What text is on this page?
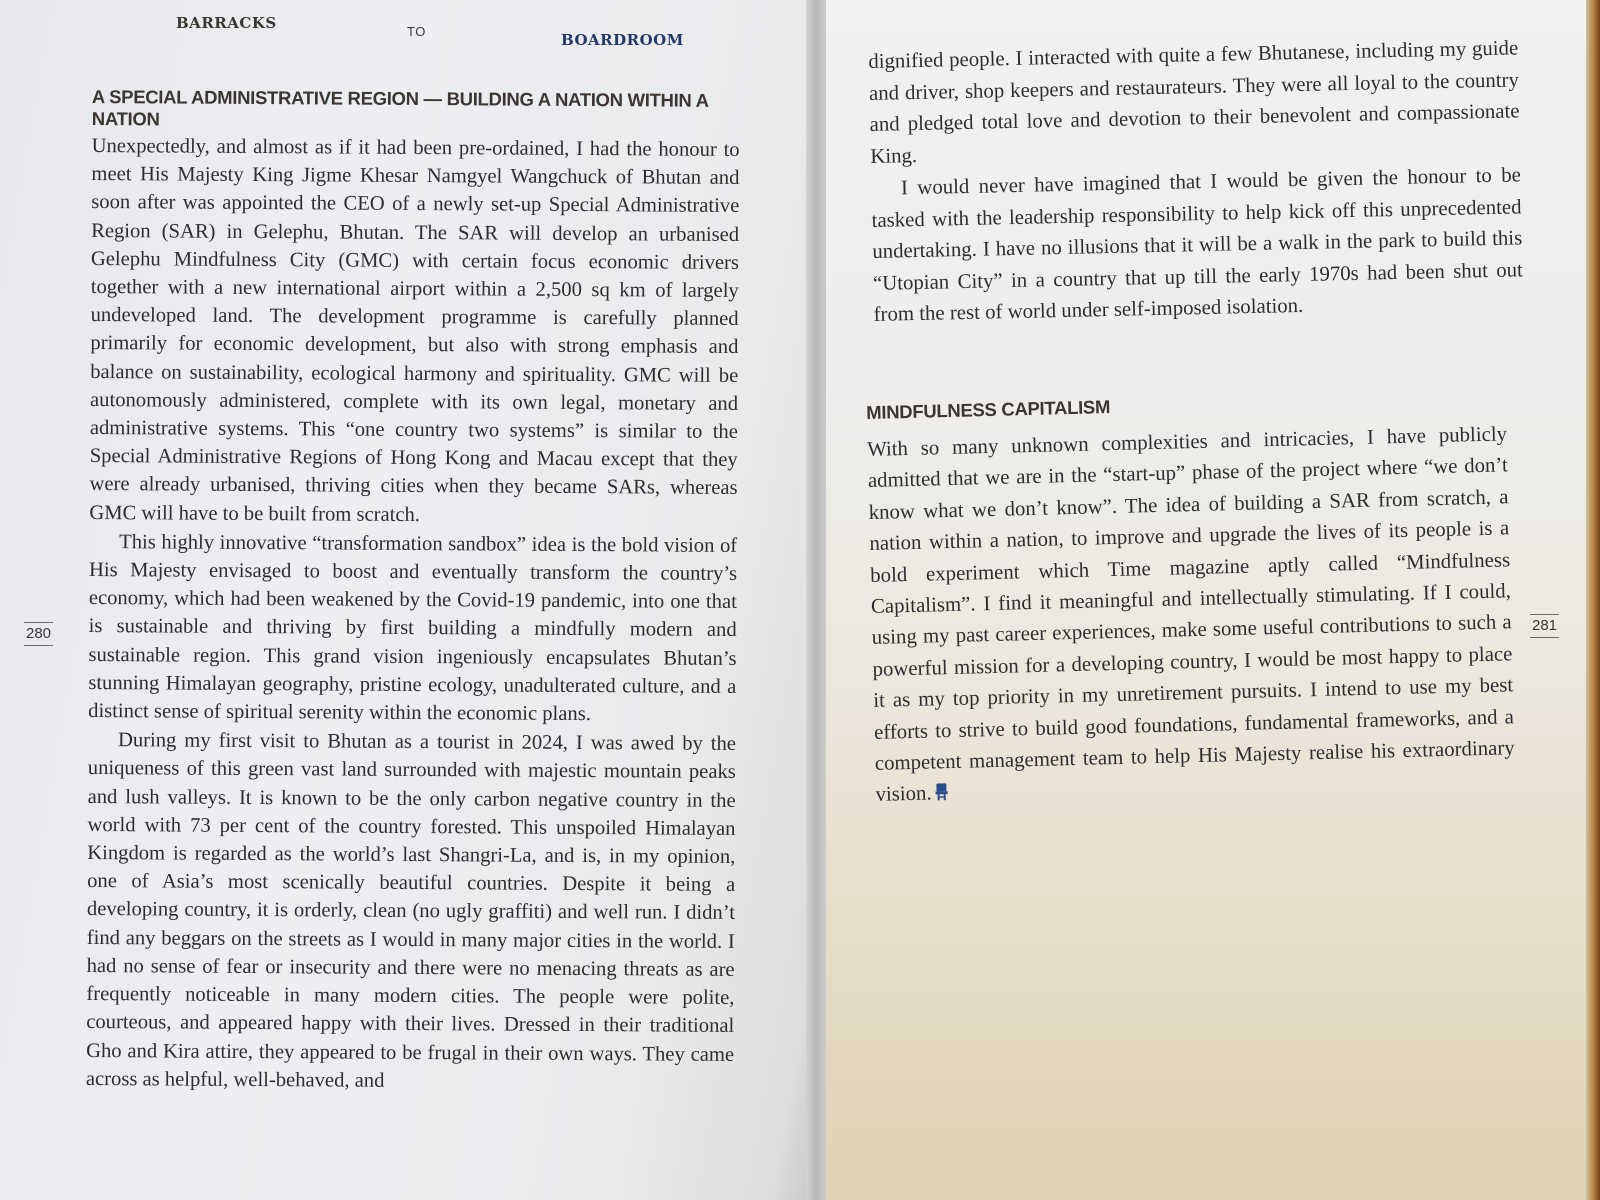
BARRACKS	TO	BOARDROOM
A SPECIAL ADMINISTRATIVE REGION — BUILDING A NATION WITHIN A NATION

Unexpectedly, and almost as if it had been pre-ordained, I had the honour to meet His Majesty King Jigme Khesar Namgyel Wangchuck of Bhutan and soon after was appointed the CEO of a newly set-up Special Administrative Region (SAR) in Gelephu, Bhutan. The SAR will develop an urbanised Gelephu Mindfulness City (GMC) with certain focus economic drivers together with a new international airport within a 2,500 sq km of largely undeveloped land. The development programme is carefully planned primarily for economic development, but also with strong emphasis and balance on sustainability, ecological harmony and spirituality. GMC will be autonomously administered, complete with its own legal, monetary and administrative systems. This “one country two systems” is similar to the Special Administrative Regions of Hong Kong and Macau except that they were already urbanised, thriving cities when they became SARs, whereas GMC will have to be built from scratch.

This highly innovative “transformation sandbox” idea is the bold vision of His Majesty envisaged to boost and eventually transform the country’s economy, which had been weakened by the Covid-19 pandemic, into one that is sustainable and thriving by first building a mindfully modern and sustainable region. This grand vision ingeniously encapsulates Bhutan’s stunning Himalayan geography, pristine ecology, unadulterated culture, and a distinct sense of spiritual serenity within the economic plans.

During my first visit to Bhutan as a tourist in 2024, I was awed by the uniqueness of this green vast land surrounded with majestic mountain peaks and lush valleys. It is known to be the only carbon negative country in the world with 73 per cent of the country forested. This unspoiled Himalayan Kingdom is regarded as the world’s last Shangri-La, and is, in my opinion, one of Asia’s most scenically beautiful countries. Despite it being a developing country, it is orderly, clean (no ugly graffiti) and well run. I didn’t find any beggars on the streets as I would in many major cities in the world. I had no sense of fear or insecurity and there were no menacing threats as are frequently noticeable in many modern cities. The people were polite, courteous, and appeared happy with their lives. Dressed in their traditional Gho and Kira attire, they appeared to be frugal in their own ways. They came across as helpful, well-behaved, and

280

dignified people. I interacted with quite a few Bhutanese, including my guide and driver, shop keepers and restaurateurs. They were all loyal to the country and pledged total love and devotion to their benevolent and compassionate King.

I would never have imagined that I would be given the honour to be tasked with the leadership responsibility to help kick off this unprecedented undertaking. I have no illusions that it will be a walk in the park to build this “Utopian City” in a country that up till the early 1970s had been shut out from the rest of world under self-imposed isolation.

MINDFULNESS CAPITALISM

With so many unknown complexities and intricacies, I have publicly admitted that we are in the “start-up” phase of the project where “we don’t know what we don’t know”. The idea of building a SAR from scratch, a nation within a nation, to improve and upgrade the lives of its people is a bold experiment which Time magazine aptly called “Mindfulness Capitalism”. I find it meaningful and intellectually stimulating. If I could, using my past career experiences, make some useful contributions to such a powerful mission for a developing country, I would be most happy to place it as my top priority in my unretirement pursuits. I intend to use my best efforts to strive to build good foundations, fundamental frameworks, and a competent management team to help His Majesty realise his extraordinary vision.

281
